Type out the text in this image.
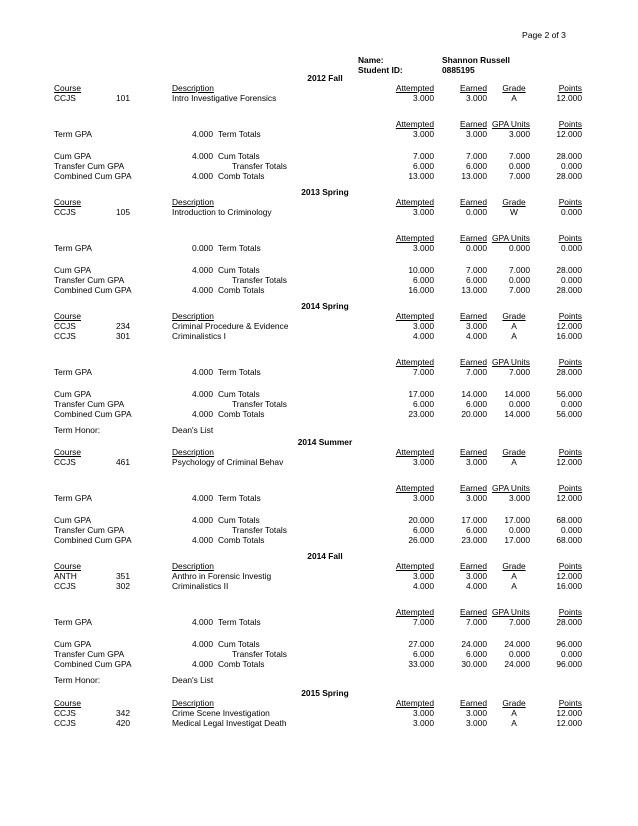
Page 2 of 3
Name:	Shannon Russell
Student ID:	0885195
2012 Fall
Course	Description	Attempted	Earned	Grade	Points
CCJS	101	Intro Investigative Forensics	3.000	3.000	A	12.000
Attempted	Earned GPA Units	Points
Term GPA	4.000 Term Totals	3.000	3.000	3.000	12.000
Cum GPA	4.000 Cum Totals	7.000	7.000	7.000	28.000
Transfer Cum GPA	Transfer Totals	6.000	6.000	0.000	0.000
Combined Cum GPA	4.000 Comb Totals	13.000	13.000	7.000	28.000
2013 Spring
Course	Description	Attempted	Earned	Grade	Points
CCJS	105	Introduction to Criminology	3.000	0.000	W	0.000
Attempted	Earned GPA Units	Points
Term GPA	0.000 Term Totals	3.000	0.000	0.000	0.000
Cum GPA	4.000 Cum Totals	10.000	7.000	7.000	28.000
Transfer Cum GPA	Transfer Totals	6.000	6.000	0.000	0.000
Combined Cum GPA	4.000 Comb Totals	16.000	13.000	7.000	28.000
2014 Spring
Course	Description	Attempted	Earned	Grade	Points
CCJS	234	Criminal Procedure & Evidence	3.000	3.000	A	12.000
CCJS	301	Criminalistics I	4.000	4.000	A	16.000
Attempted	Earned GPA Units	Points
Term GPA	4.000 Term Totals	7.000	7.000	7.000	28.000
Cum GPA	4.000 Cum Totals	17.000	14.000 14.000	56.000
Transfer Cum GPA	Transfer Totals	6.000	6.000	0.000	0.000
Combined Cum GPA	4.000 Comb Totals	23.000	20.000 14.000	56.000
Term Honor:	Dean's List
2014 Summer
Course	Description	Attempted	Earned	Grade	Points
CCJS	461	Psychology of Criminal Behav	3.000	3.000	A	12.000
Attempted	Earned GPA Units	Points
Term GPA	4.000 Term Totals	3.000	3.000	3.000	12.000
Cum GPA	4.000 Cum Totals	20.000	17.000 17.000	68.000
Transfer Cum GPA	Transfer Totals	6.000	6.000	0.000	0.000
Combined Cum GPA	4.000 Comb Totals	26.000	23.000 17.000	68.000
2014 Fall
Course	Description	Attempted	Earned	Grade	Points
ANTH	351	Anthro in Forensic Investig	3.000	3.000	A	12.000
CCJS	302	Criminalistics II	4.000	4.000	A	16.000
Attempted	Earned GPA Units	Points
Term GPA	4.000 Term Totals	7.000	7.000	7.000	28.000
Cum GPA	4.000 Cum Totals	27.000	24.000 24.000	96.000
Transfer Cum GPA	Transfer Totals	6.000	6.000	0.000	0.000
Combined Cum GPA	4.000 Comb Totals	33.000	30.000 24.000	96.000
Term Honor:	Dean's List
2015 Spring
Course	Description	Attempted	Earned	Grade	Points
CCJS	342	Crime Scene Investigation	3.000	3.000	A	12.000
CCJS	420	Medical Legal Investigat Death	3.000	3.000	A	12.000
